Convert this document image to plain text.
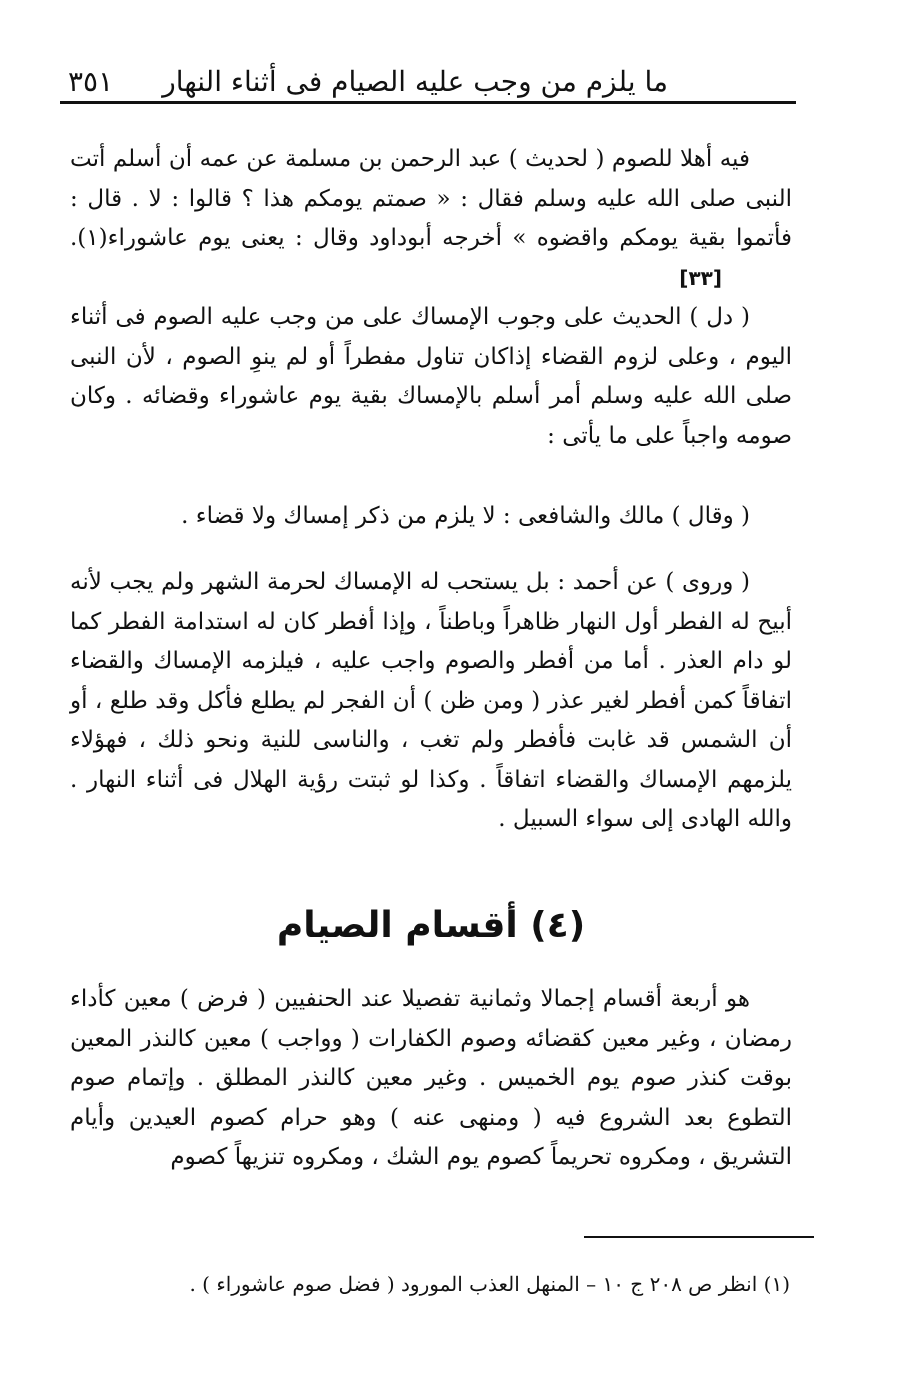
٣٥١ ما يلزم من وجب عليه الصيام فى أثناء النهار

فيه أهلا للصوم ( لحديث ) عبد الرحمن بن مسلمة عن عمه أن أسلم أتت النبى صلى الله عليه وسلم فقال : « صمتم يومكم هذا ؟ قالوا : لا . قال : فأتموا بقية يومكم واقضوه » أخرجه أبوداود وقال : يعنى يوم عاشوراء(١). [٣٣]

( دل ) الحديث على وجوب الإمساك على من وجب عليه الصوم فى أثناء اليوم ، وعلى لزوم القضاء إذاكان تناول مفطراً أو لم ينوِ الصوم ، لأن النبى صلى الله عليه وسلم أمر أسلم بالإمساك بقية يوم عاشوراء وقضائه . وكان صومه واجباً على ما يأتى :

( وقال ) مالك والشافعى : لا يلزم من ذكر إمساك ولا قضاء .

( وروى ) عن أحمد : بل يستحب له الإمساك لحرمة الشهر ولم يجب لأنه أبيح له الفطر أول النهار ظاهراً وباطناً ، وإذا أفطر كان له استدامة الفطر كما لو دام العذر . أما من أفطر والصوم واجب عليه ، فيلزمه الإمساك والقضاء اتفاقاً كمن أفطر لغير عذر ( ومن ظن ) أن الفجر لم يطلع فأكل وقد طلع ، أو أن الشمس قد غابت فأفطر ولم تغب ، والناسى للنية ونحو ذلك ، فهؤلاء يلزمهم الإمساك والقضاء اتفاقاً . وكذا لو ثبتت رؤية الهلال فى أثناء النهار . والله الهادى إلى سواء السبيل .

(٤) أقسام الصيام

هو أربعة أقسام إجمالا وثمانية تفصيلا عند الحنفيين ( فرض ) معين كأداء رمضان ، وغير معين كقضائه وصوم الكفارات ( وواجب ) معين كالنذر المعين بوقت كنذر صوم يوم الخميس . وغير معين كالنذر المطلق . وإتمام صوم التطوع بعد الشروع فيه ( ومنهى عنه ) وهو حرام كصوم العيدين وأيام التشريق ، ومكروه تحريماً كصوم يوم الشك ، ومكروه تنزيهاً كصوم

(١) انظر ص ٢٠٨ ج ١٠ – المنهل العذب المورود ( فضل صوم عاشوراء ) .
